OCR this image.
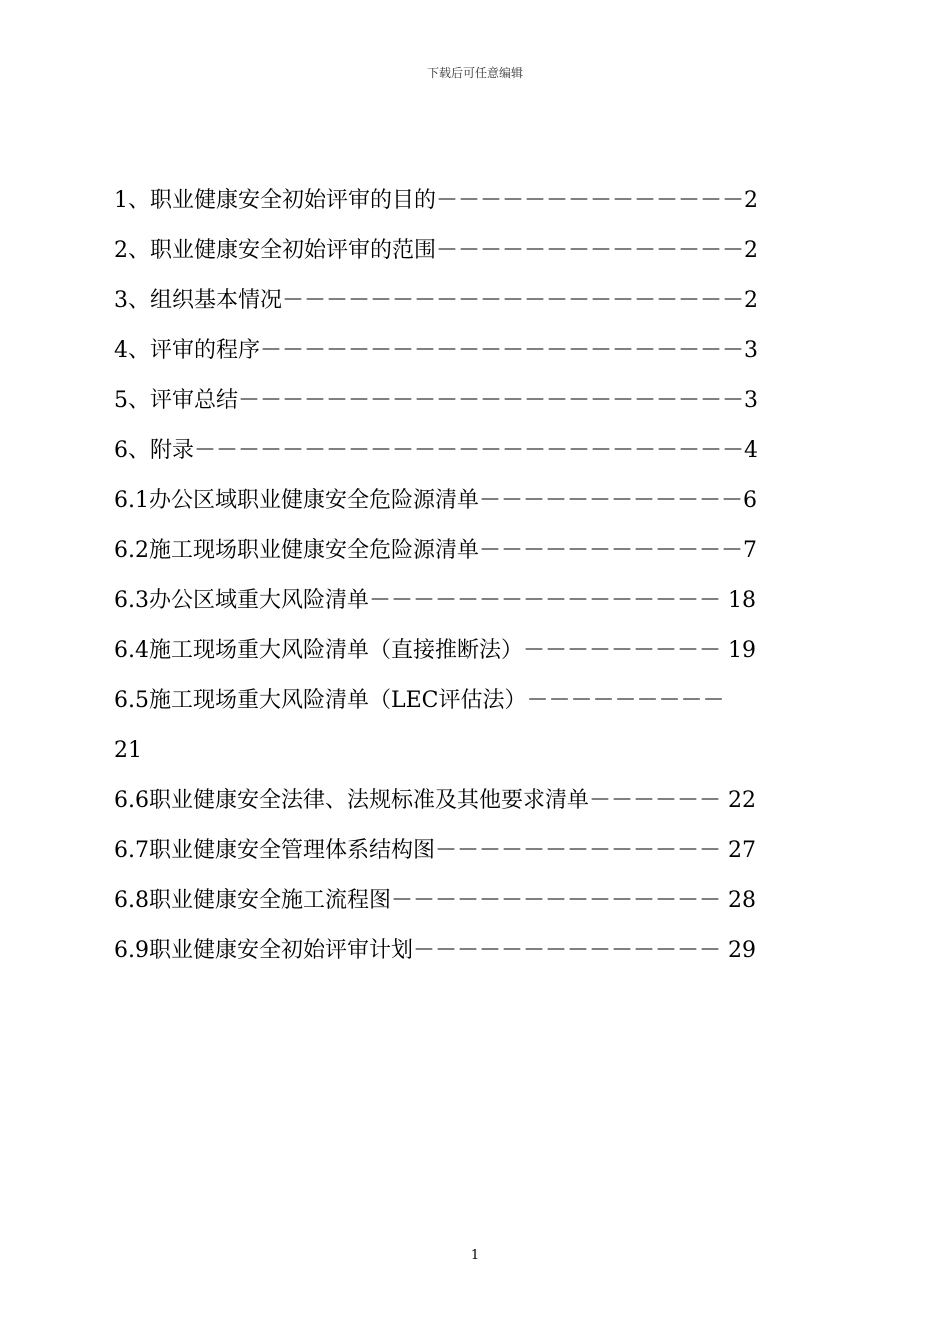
下载后可任意编辑
1、职业健康安全初始评审的目的－－－－－－－－－－－－－－2
2、职业健康安全初始评审的范围－－－－－－－－－－－－－－2
3、组织基本情况－－－－－－－－－－－－－－－－－－－－－2
4、评审的程序－－－－－－－－－－－－－－－－－－－－－－3
5、评审总结－－－－－－－－－－－－－－－－－－－－－－－3
6、附录－－－－－－－－－－－－－－－－－－－－－－－－－4
6.1办公区域职业健康安全危险源清单－－－－－－－－－－－－6
6.2施工现场职业健康安全危险源清单－－－－－－－－－－－－7
6.3办公区域重大风险清单－－－－－－－－－－－－－－－－ 18
6.4施工现场重大风险清单（直接推断法）－－－－－－－－－ 19
6.5施工现场重大风险清单（LEC评估法）－－－－－－－－－
21
6.6职业健康安全法律、法规标准及其他要求清单－－－－－－ 22
6.7职业健康安全管理体系结构图－－－－－－－－－－－－－ 27
6.8职业健康安全施工流程图－－－－－－－－－－－－－－－ 28
6.9职业健康安全初始评审计划－－－－－－－－－－－－－－ 29
1
